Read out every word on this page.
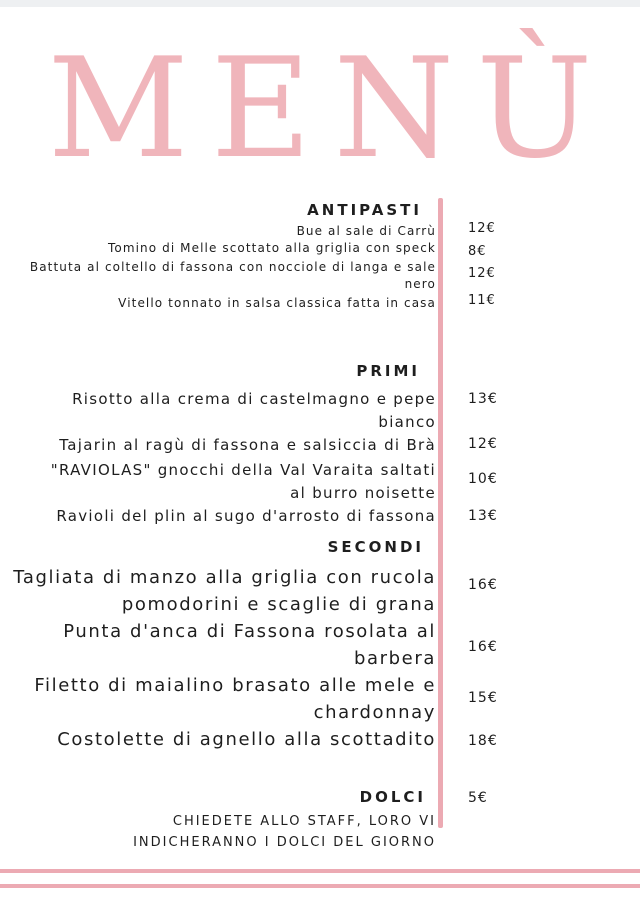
MENÙ
ANTIPASTI
Bue al sale di Carrù 12€
Tomino di Melle scottato alla griglia con speck 8€
Battuta al coltello di fassona con nocciole di langa e sale
nero
12€
Vitello tonnato in salsa classica fatta in casa 11€
PRIMI
Risotto alla crema di castelmagno e pepe
bianco
13€
Tajarin al ragù di fassona e salsiccia di Brà 12€
"RAVIOLAS" gnocchi della Val Varaita saltati
al burro noisette
10€
Ravioli del plin al sugo d'arrosto di fassona 13€
SECONDI
Tagliata di manzo alla griglia con rucola
pomodorini e scaglie di grana
16€
Punta d'anca di Fassona rosolata al
barbera
16€
Filetto di maialino brasato alle mele e
chardonnay
15€
Costolette di agnello alla scottadito 18€
DOLCI	5€
CHIEDETE ALLO STAFF, LORO VI
INDICHERANNO I DOLCI DEL GIORNO
